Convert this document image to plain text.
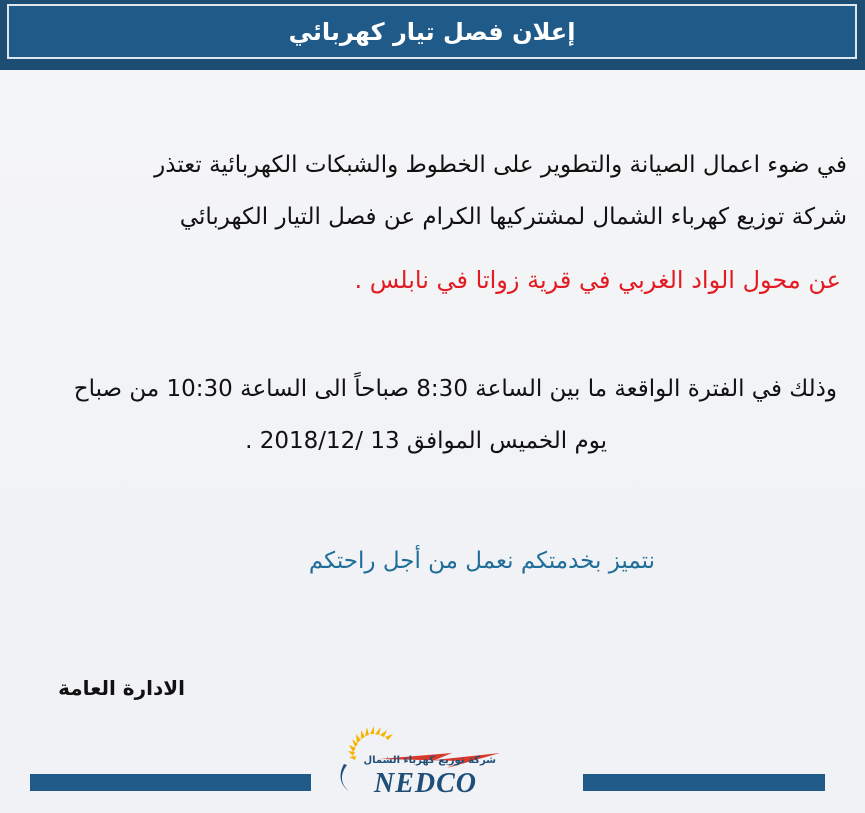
إعلان فصل تيار كهربائي
في ضوء اعمال الصيانة والتطوير على الخطوط والشبكات الكهربائية تعتذر
شركة توزيع كهرباء الشمال لمشتركيها الكرام عن فصل التيار الكهربائي
عن محول الواد الغربي في قرية زواتا في نابلس .
وذلك في الفترة الواقعة ما بين الساعة 8:30 صباحاً الى الساعة 10:30 من صباح
يوم الخميس الموافق 13 /2018/12 .
نتميز بخدمتكم نعمل من أجل راحتكم
الادارة العامة
شركة توزيع كهرباء الشمال
NEDCO
